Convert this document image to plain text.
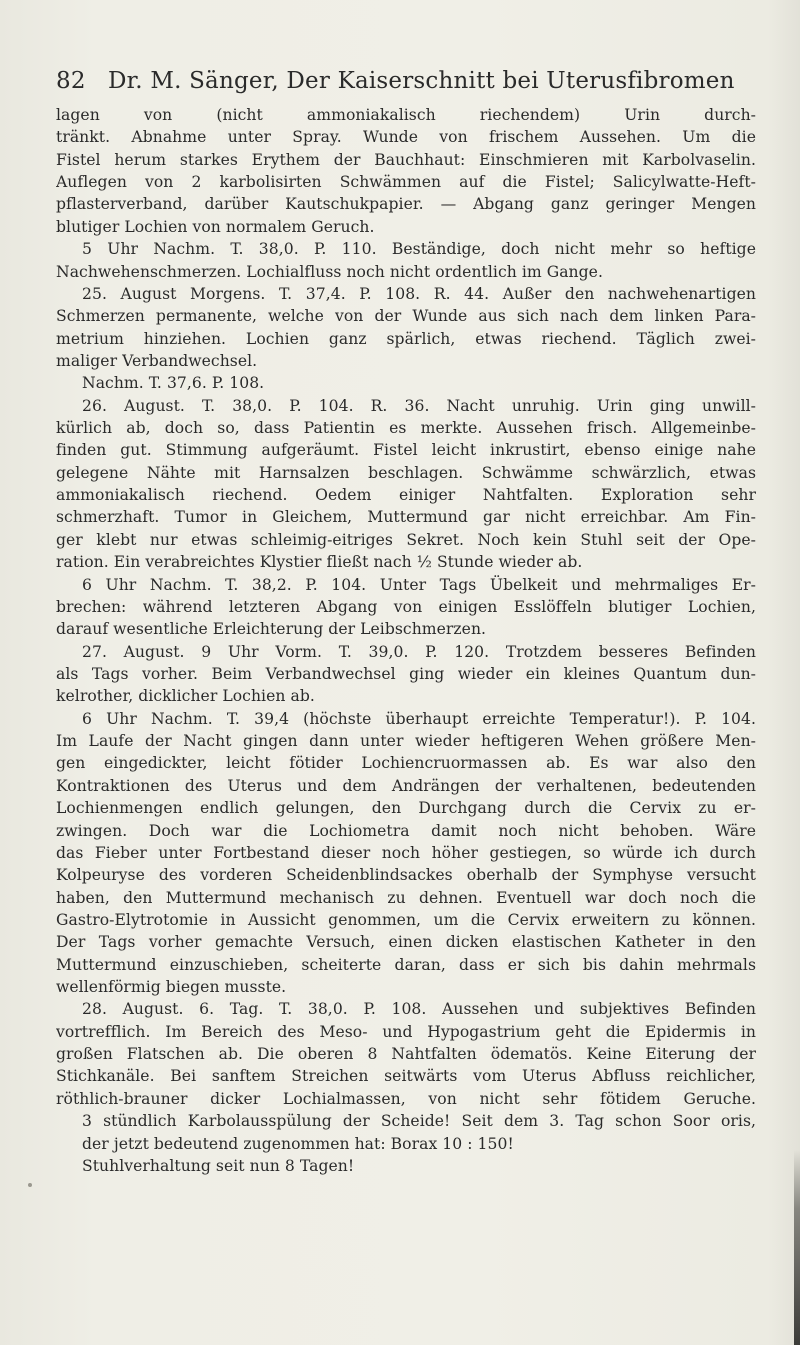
82 Dr. M. Sänger, Der Kaiserschnitt bei Uterusfibromen
lagen von (nicht ammoniakalisch riechendem) Urin durch-
tränkt. Abnahme unter Spray. Wunde von frischem Aussehen. Um die
Fistel herum starkes Erythem der Bauchhaut: Einschmieren mit Karbolvaselin.
Auflegen von 2 karbolisirten Schwämmen auf die Fistel; Salicylwatte-Heft-
pflasterverband, darüber Kautschukpapier. — Abgang ganz geringer Mengen
blutiger Lochien von normalem Geruch.
5 Uhr Nachm. T. 38,0. P. 110. Beständige, doch nicht mehr so heftige
Nachwehenschmerzen. Lochialfluss noch nicht ordentlich im Gange.
25. August Morgens. T. 37,4. P. 108. R. 44. Außer den nachwehenartigen
Schmerzen permanente, welche von der Wunde aus sich nach dem linken Para-
metrium hinziehen. Lochien ganz spärlich, etwas riechend. Täglich zwei-
maliger Verbandwechsel.
Nachm. T. 37,6. P. 108.
26. August. T. 38,0. P. 104. R. 36. Nacht unruhig. Urin ging unwill-
kürlich ab, doch so, dass Patientin es merkte. Aussehen frisch. Allgemeinbe-
finden gut. Stimmung aufgeräumt. Fistel leicht inkrustirt, ebenso einige nahe
gelegene Nähte mit Harnsalzen beschlagen. Schwämme schwärzlich, etwas
ammoniakalisch riechend. Oedem einiger Nahtfalten. Exploration sehr
schmerzhaft. Tumor in Gleichem, Muttermund gar nicht erreichbar. Am Fin-
ger klebt nur etwas schleimig-eitriges Sekret. Noch kein Stuhl seit der Ope-
ration. Ein verabreichtes Klystier fließt nach ½ Stunde wieder ab.
6 Uhr Nachm. T. 38,2. P. 104. Unter Tags Übelkeit und mehrmaliges Er-
brechen: während letzteren Abgang von einigen Esslöffeln blutiger Lochien,
darauf wesentliche Erleichterung der Leibschmerzen.
27. August. 9 Uhr Vorm. T. 39,0. P. 120. Trotzdem besseres Befinden
als Tags vorher. Beim Verbandwechsel ging wieder ein kleines Quantum dun-
kelrother, dicklicher Lochien ab.
6 Uhr Nachm. T. 39,4 (höchste überhaupt erreichte Temperatur!). P. 104.
Im Laufe der Nacht gingen dann unter wieder heftigeren Wehen größere Men-
gen eingedickter, leicht fötider Lochiencruormassen ab. Es war also den
Kontraktionen des Uterus und dem Andrängen der verhaltenen, bedeutenden
Lochienmengen endlich gelungen, den Durchgang durch die Cervix zu er-
zwingen. Doch war die Lochiometra damit noch nicht behoben. Wäre
das Fieber unter Fortbestand dieser noch höher gestiegen, so würde ich durch
Kolpeuryse des vorderen Scheidenblindsackes oberhalb der Symphyse versucht
haben, den Muttermund mechanisch zu dehnen. Eventuell war doch noch die
Gastro-Elytrotomie in Aussicht genommen, um die Cervix erweitern zu können.
Der Tags vorher gemachte Versuch, einen dicken elastischen Katheter in den
Muttermund einzuschieben, scheiterte daran, dass er sich bis dahin mehrmals
wellenförmig biegen musste.
28. August. 6. Tag. T. 38,0. P. 108. Aussehen und subjektives Befinden
vortrefflich. Im Bereich des Meso- und Hypogastrium geht die Epidermis in
großen Flatschen ab. Die oberen 8 Nahtfalten ödematös. Keine Eiterung der
Stichkanäle. Bei sanftem Streichen seitwärts vom Uterus Abfluss reichlicher,
röthlich-brauner dicker Lochialmassen, von nicht sehr fötidem Geruche.
3 stündlich Karbolausspülung der Scheide! Seit dem 3. Tag schon Soor oris,
der jetzt bedeutend zugenommen hat: Borax 10 : 150!
Stuhlverhaltung seit nun 8 Tagen!
